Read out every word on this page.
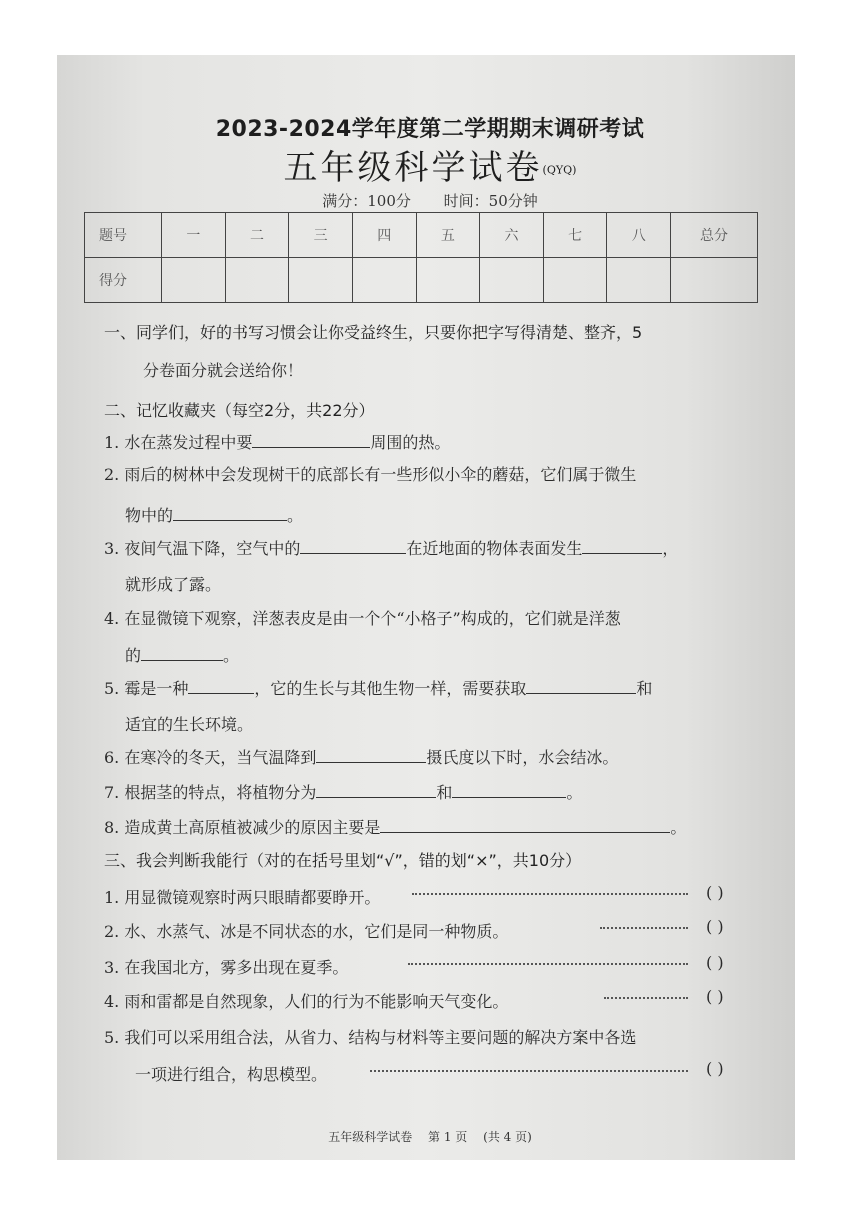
2023-2024学年度第二学期期末调研考试
五年级科学试卷(QYQ)
满分：100分 时间：50分钟
题号	一	二	三	四	五	六	七	八	总分
得分									
一、同学们，好的书写习惯会让你受益终生，只要你把字写得清楚、整齐，5
分卷面分就会送给你！
二、记忆收藏夹（每空2分，共22分）
1. 水在蒸发过程中要	周围的热。
2. 雨后的树林中会发现树干的底部长有一些形似小伞的蘑菇，它们属于微生
物中的	。
3. 夜间气温下降，空气中的	在近地面的物体表面发生	，
就形成了露。
4. 在显微镜下观察，洋葱表皮是由一个个“小格子”构成的，它们就是洋葱
的	。
5. 霉是一种	，它的生长与其他生物一样，需要获取	和
适宜的生长环境。
6. 在寒冷的冬天，当气温降到	摄氏度以下时，水会结冰。
7. 根据茎的特点，将植物分为	和	。
8. 造成黄土高原植被减少的原因主要是	。
三、我会判断我能行（对的在括号里划“√”，错的划“×”，共10分）
1. 用显微镜观察时两只眼睛都要睁开。	( )
2. 水、水蒸气、冰是不同状态的水，它们是同一种物质。	( )
3. 在我国北方，雾多出现在夏季。	( )
4. 雨和雷都是自然现象，人们的行为不能影响天气变化。	( )
5. 我们可以采用组合法，从省力、结构与材料等主要问题的解决方案中各选
一项进行组合，构思模型。	( )
五年级科学试卷 第 1 页 (共 4 页)
